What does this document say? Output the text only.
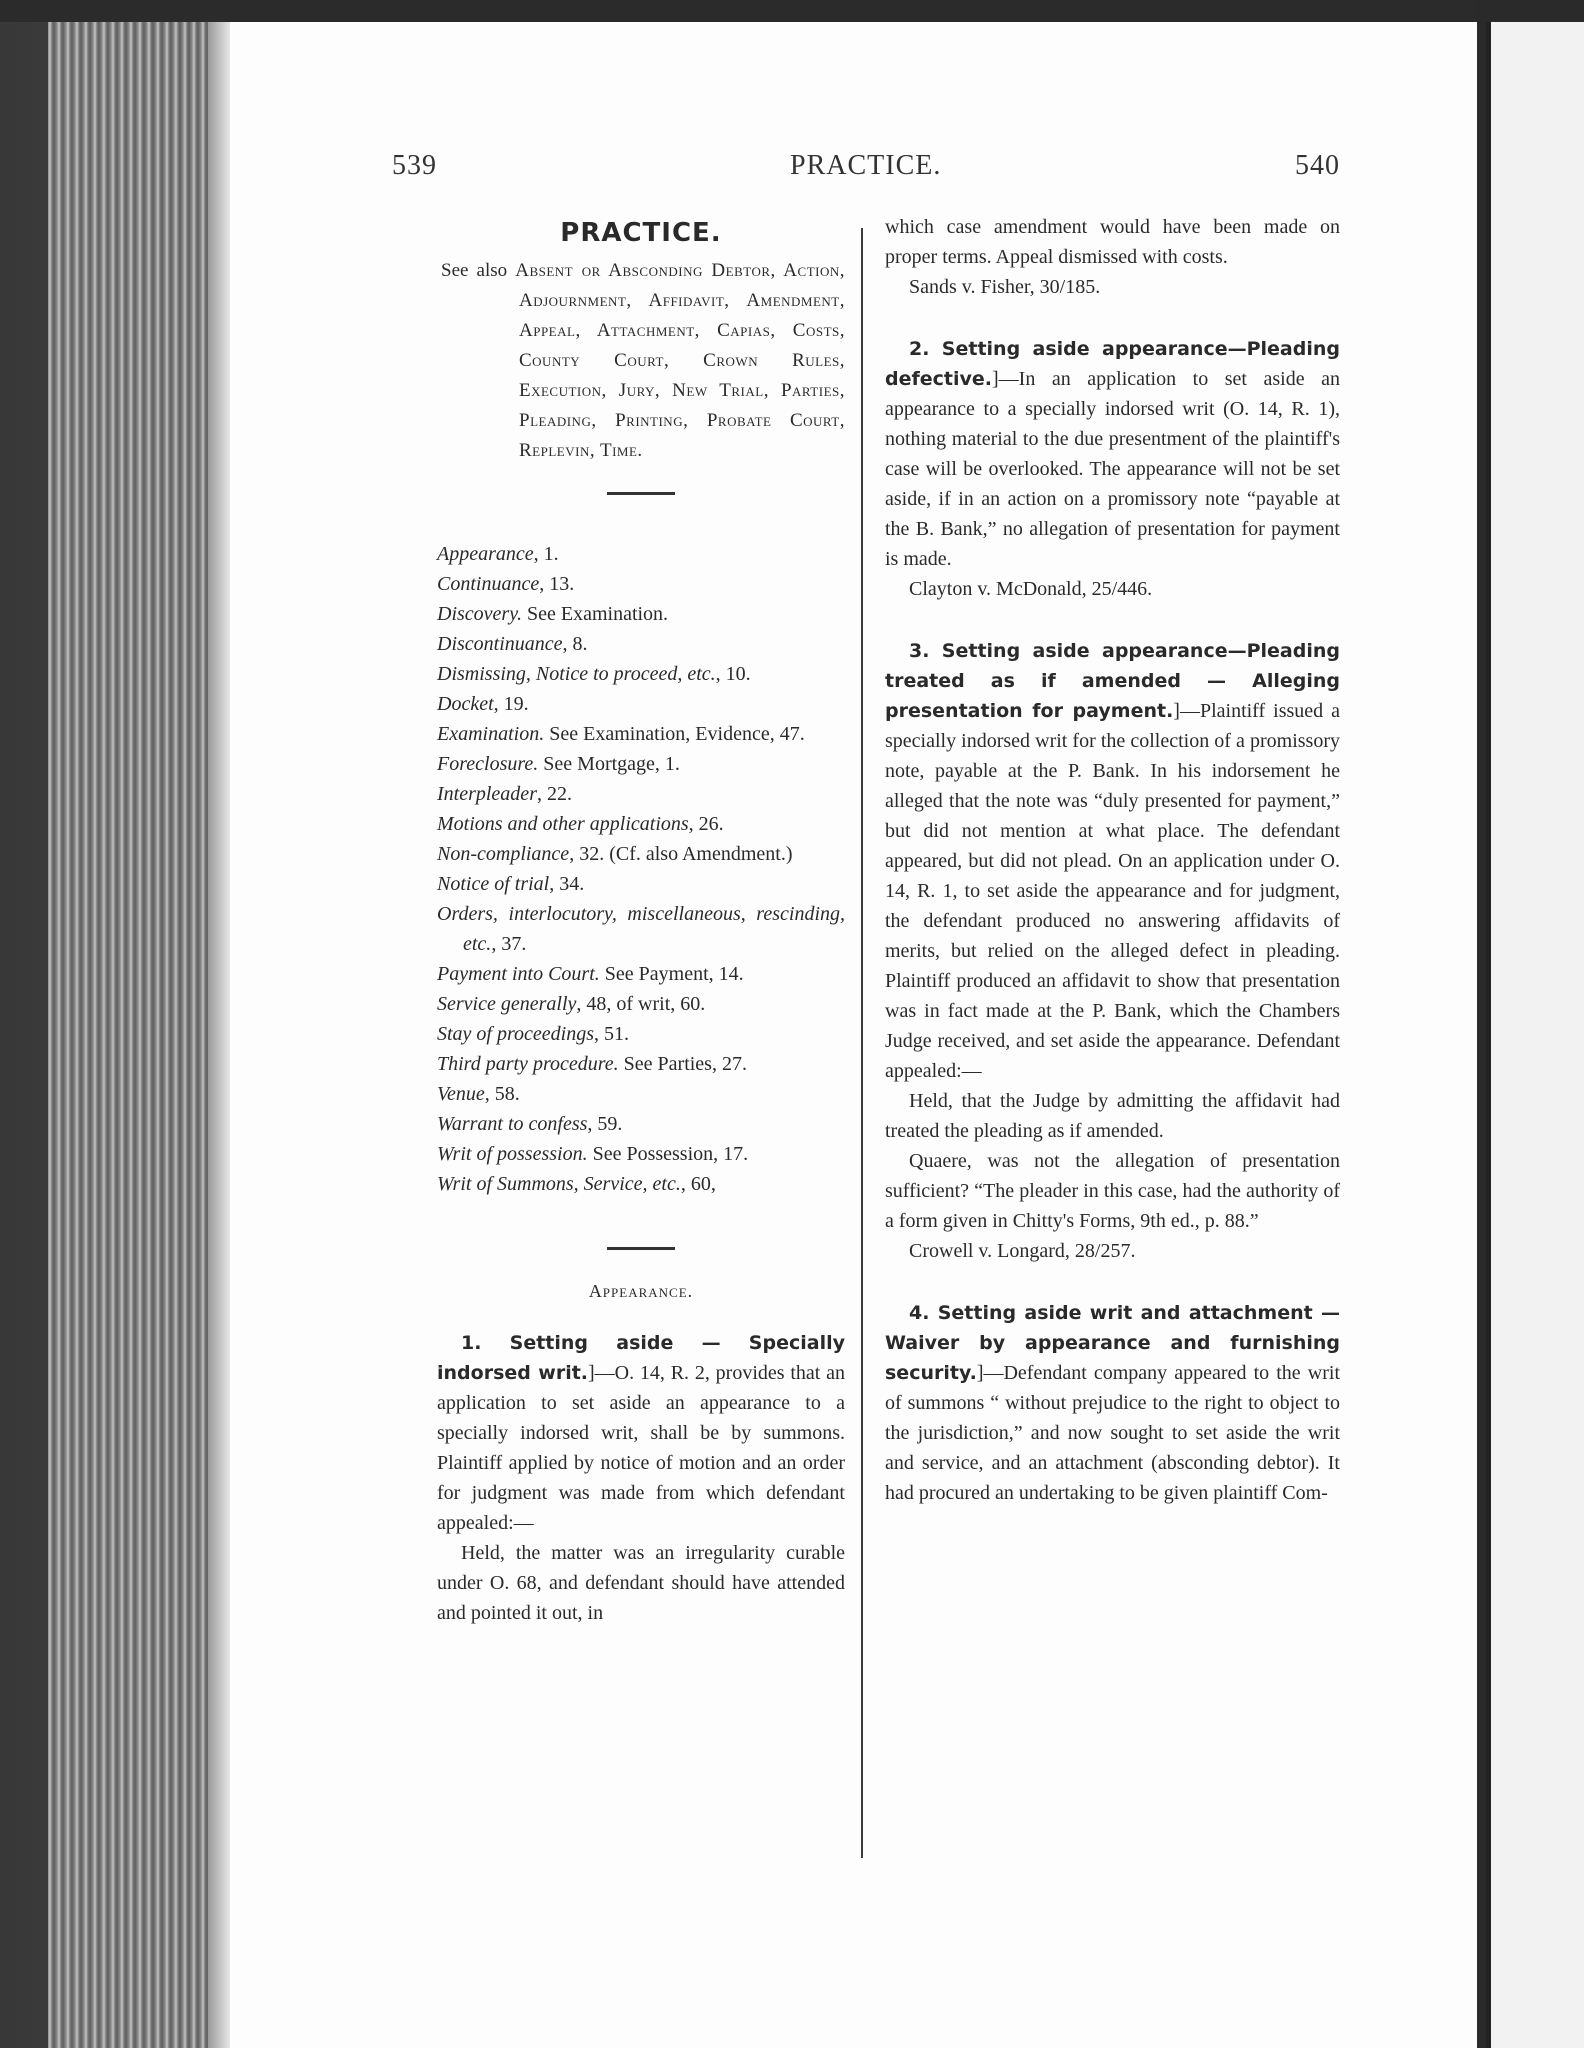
539	PRACTICE.	540
PRACTICE.
See also Absent or Absconding Debtor, Action, Adjournment, Affidavit, Amendment, Appeal, Attachment, Capias, Costs, County Court, Crown Rules, Execution, Jury, New Trial, Parties, Pleading, Printing, Probate Court, Replevin, Time.

Appearance, 1.

Continuance, 13.

Discovery. See Examination.

Discontinuance, 8.

Dismissing, Notice to proceed, etc., 10.

Docket, 19.

Examination. See Examination, Evidence, 47.

Foreclosure. See Mortgage, 1.

Interpleader, 22.

Motions and other applications, 26.

Non-compliance, 32. (Cf. also Amendment.)

Notice of trial, 34.

Orders, interlocutory, miscellaneous, rescinding, etc., 37.

Payment into Court. See Payment, 14.

Service generally, 48, of writ, 60.

Stay of proceedings, 51.

Third party procedure. See Parties, 27.

Venue, 58.

Warrant to confess, 59.

Writ of possession. See Possession, 17.

Writ of Summons, Service, etc., 60,

Appearance.

1. Setting aside — Specially indorsed writ.]—O. 14, R. 2, provides that an application to set aside an appearance to a specially indorsed writ, shall be by summons. Plaintiff applied by notice of motion and an order for judgment was made from which defendant appealed:—

Held, the matter was an irregularity curable under O. 68, and defendant should have attended and pointed it out, in

which case amendment would have been made on proper terms. Appeal dismissed with costs.

Sands v. Fisher, 30/185.

2. Setting aside appearance—Pleading defective.]—In an application to set aside an appearance to a specially indorsed writ (O. 14, R. 1), nothing material to the due presentment of the plaintiff's case will be overlooked. The appearance will not be set aside, if in an action on a promissory note “payable at the B. Bank,” no allegation of presentation for payment is made.

Clayton v. McDonald, 25/446.

3. Setting aside appearance—Pleading treated as if amended — Alleging presentation for payment.]—Plaintiff issued a specially indorsed writ for the collection of a promissory note, payable at the P. Bank. In his indorsement he alleged that the note was “duly presented for payment,” but did not mention at what place. The defendant appeared, but did not plead. On an application under O. 14, R. 1, to set aside the appearance and for judgment, the defendant produced no answering affidavits of merits, but relied on the alleged defect in pleading. Plaintiff produced an affidavit to show that presentation was in fact made at the P. Bank, which the Chambers Judge received, and set aside the appearance. Defendant appealed:—

Held, that the Judge by admitting the affidavit had treated the pleading as if amended.

Quaere, was not the allegation of presentation sufficient? “The pleader in this case, had the authority of a form given in Chitty's Forms, 9th ed., p. 88.”

Crowell v. Longard, 28/257.

4. Setting aside writ and attachment —Waiver by appearance and furnishing security.]—Defendant company appeared to the writ of summons “ without prejudice to the right to object to the jurisdiction,” and now sought to set aside the writ and service, and an attachment (absconding debtor). It had procured an undertaking to be given plaintiff Com-
